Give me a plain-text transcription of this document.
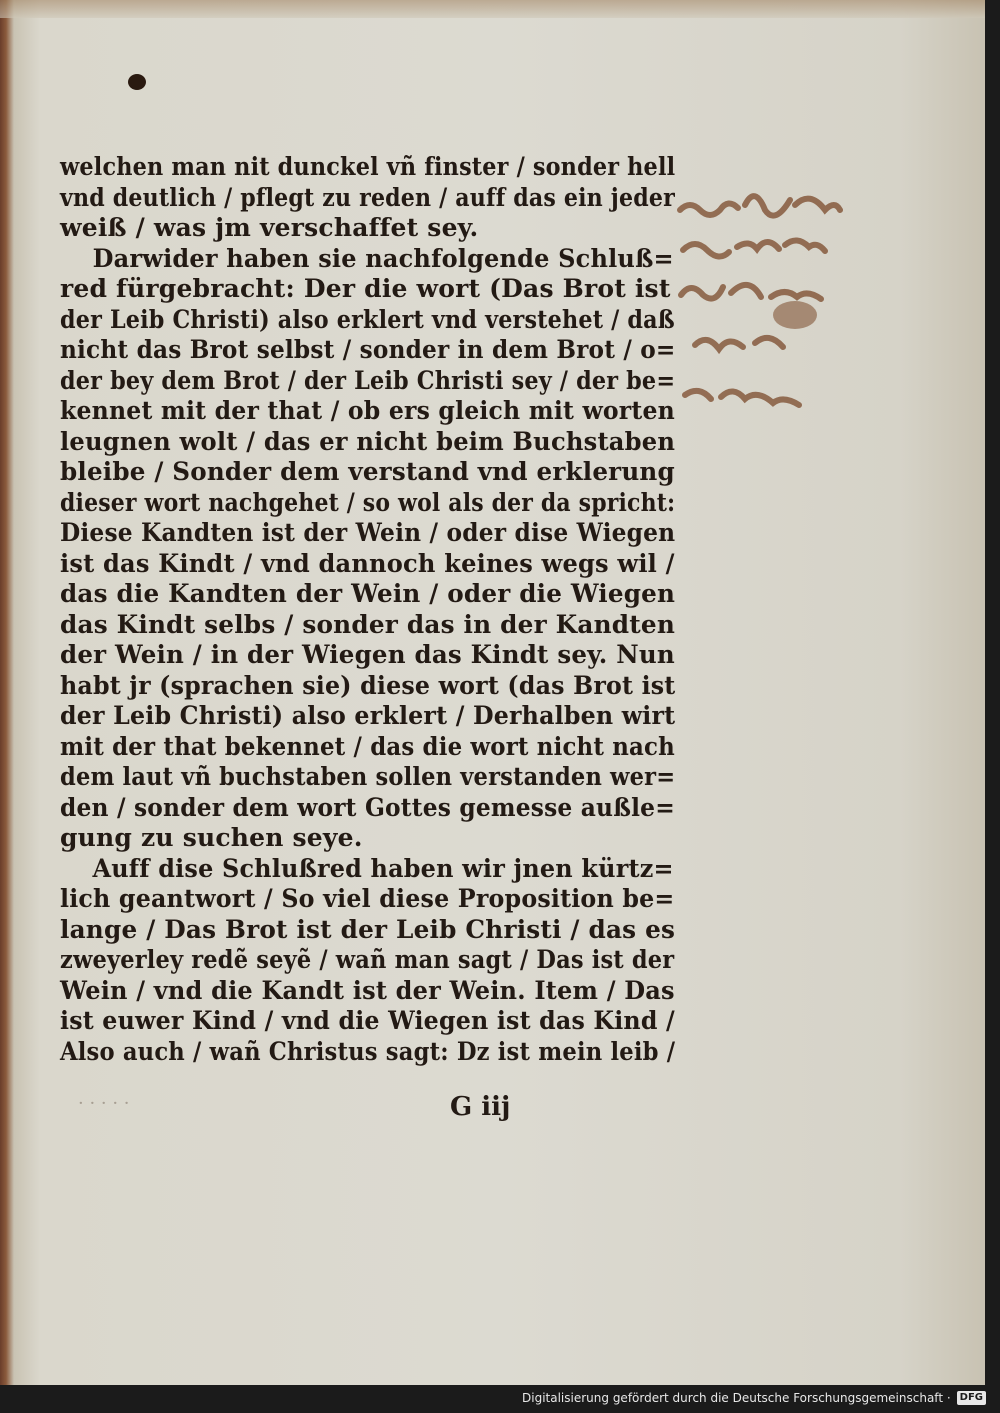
welchen man nit dunckel vñ finster / sonder hell
vnd deutlich / pflegt zu reden / auff das ein jeder
weiß / was jm verschaffet sey.
Darwider haben sie nachfolgende Schluß=
red fürgebracht: Der die wort (Das Brot ist
der Leib Christi) also erklert vnd verstehet / daß
nicht das Brot selbst / sonder in dem Brot / o=
der bey dem Brot / der Leib Christi sey / der be=
kennet mit der that / ob ers gleich mit worten
leugnen wolt / das er nicht beim Buchstaben
bleibe / Sonder dem verstand vnd erklerung
dieser wort nachgehet / so wol als der da spricht:
Diese Kandten ist der Wein / oder dise Wiegen
ist das Kindt / vnd dannoch keines wegs wil /
das die Kandten der Wein / oder die Wiegen
das Kindt selbs / sonder das in der Kandten
der Wein / in der Wiegen das Kindt sey. Nun
habt jr (sprachen sie) diese wort (das Brot ist
der Leib Christi) also erklert / Derhalben wirt
mit der that bekennet / das die wort nicht nach
dem laut vñ buchstaben sollen verstanden wer=
den / sonder dem wort Gottes gemesse außle=
gung zu suchen seye.
Auff dise Schlußred haben wir jnen kürtz=
lich geantwort / So viel diese Proposition be=
lange / Das Brot ist der Leib Christi / das es
zweyerley redẽ seyẽ / wañ man sagt / Das ist der
Wein / vnd die Kandt ist der Wein. Item / Das
ist euwer Kind / vnd die Wiegen ist das Kind /
Also auch / wañ Christus sagt: Dz ist mein leib /
· · · · ·	G iij
Digitalisierung gefördert durch die Deutsche Forschungsgemeinschaft · DFG
